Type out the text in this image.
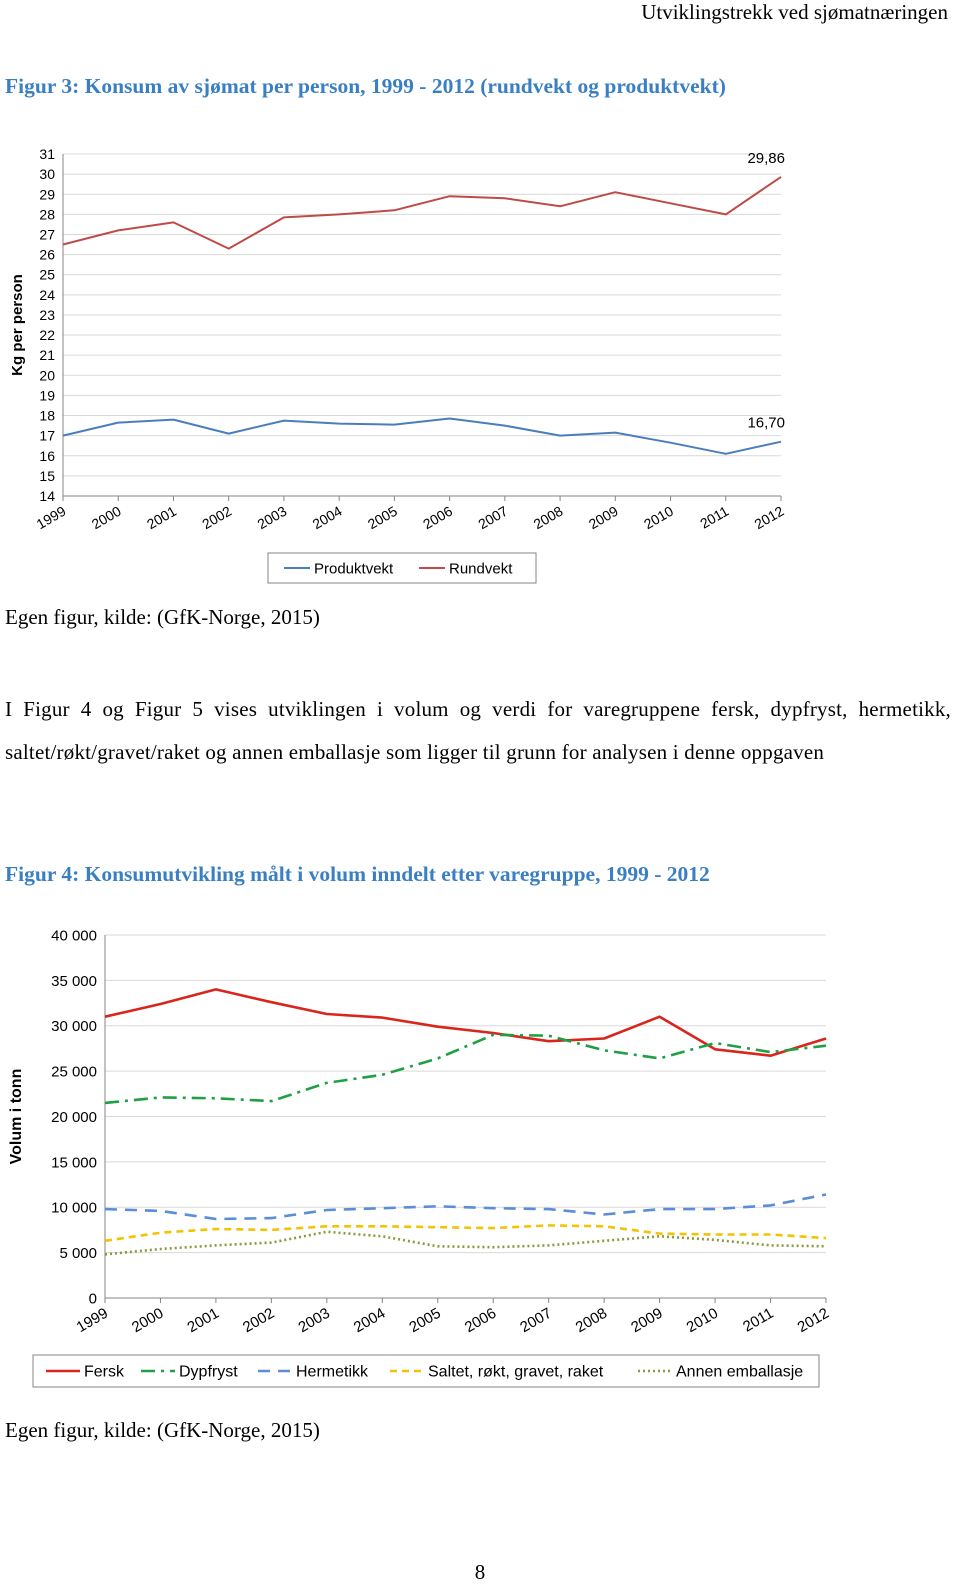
Utviklingstrekk ved sjømatnæringen
Figur 3: Konsum av sjømat per person, 1999 - 2012 (rundvekt og produktvekt)
14
15
16
17
18
19
20
21
22
23
24
25
26
27
28
29
30
31
1999 2000 2001 2002 2003 2004 2005 2006 2007 2008 2009 2010 2011 2012
Kg per person
29,86
16,70
Produktvekt	Rundvekt
Egen figur, kilde: (GfK-Norge, 2015)
I Figur 4 og Figur 5 vises utviklingen i volum og verdi for varegruppene fersk, dypfryst, hermetikk, saltet/røkt/gravet/raket og annen emballasje som ligger til grunn for analysen i denne oppgaven
Figur 4: Konsumutvikling målt i volum inndelt etter varegruppe, 1999 - 2012
0
5 000
10 000
15 000
20 000
25 000
30 000
35 000
40 000
1999 2000 2001 2002 2003 2004 2005 2006 2007 2008 2009 2010 2011 2012
Volum i tonn
Fersk	Dypfryst	Hermetikk	Saltet, røkt, gravet, raket	Annen emballasje
Egen figur, kilde: (GfK-Norge, 2015)
8
